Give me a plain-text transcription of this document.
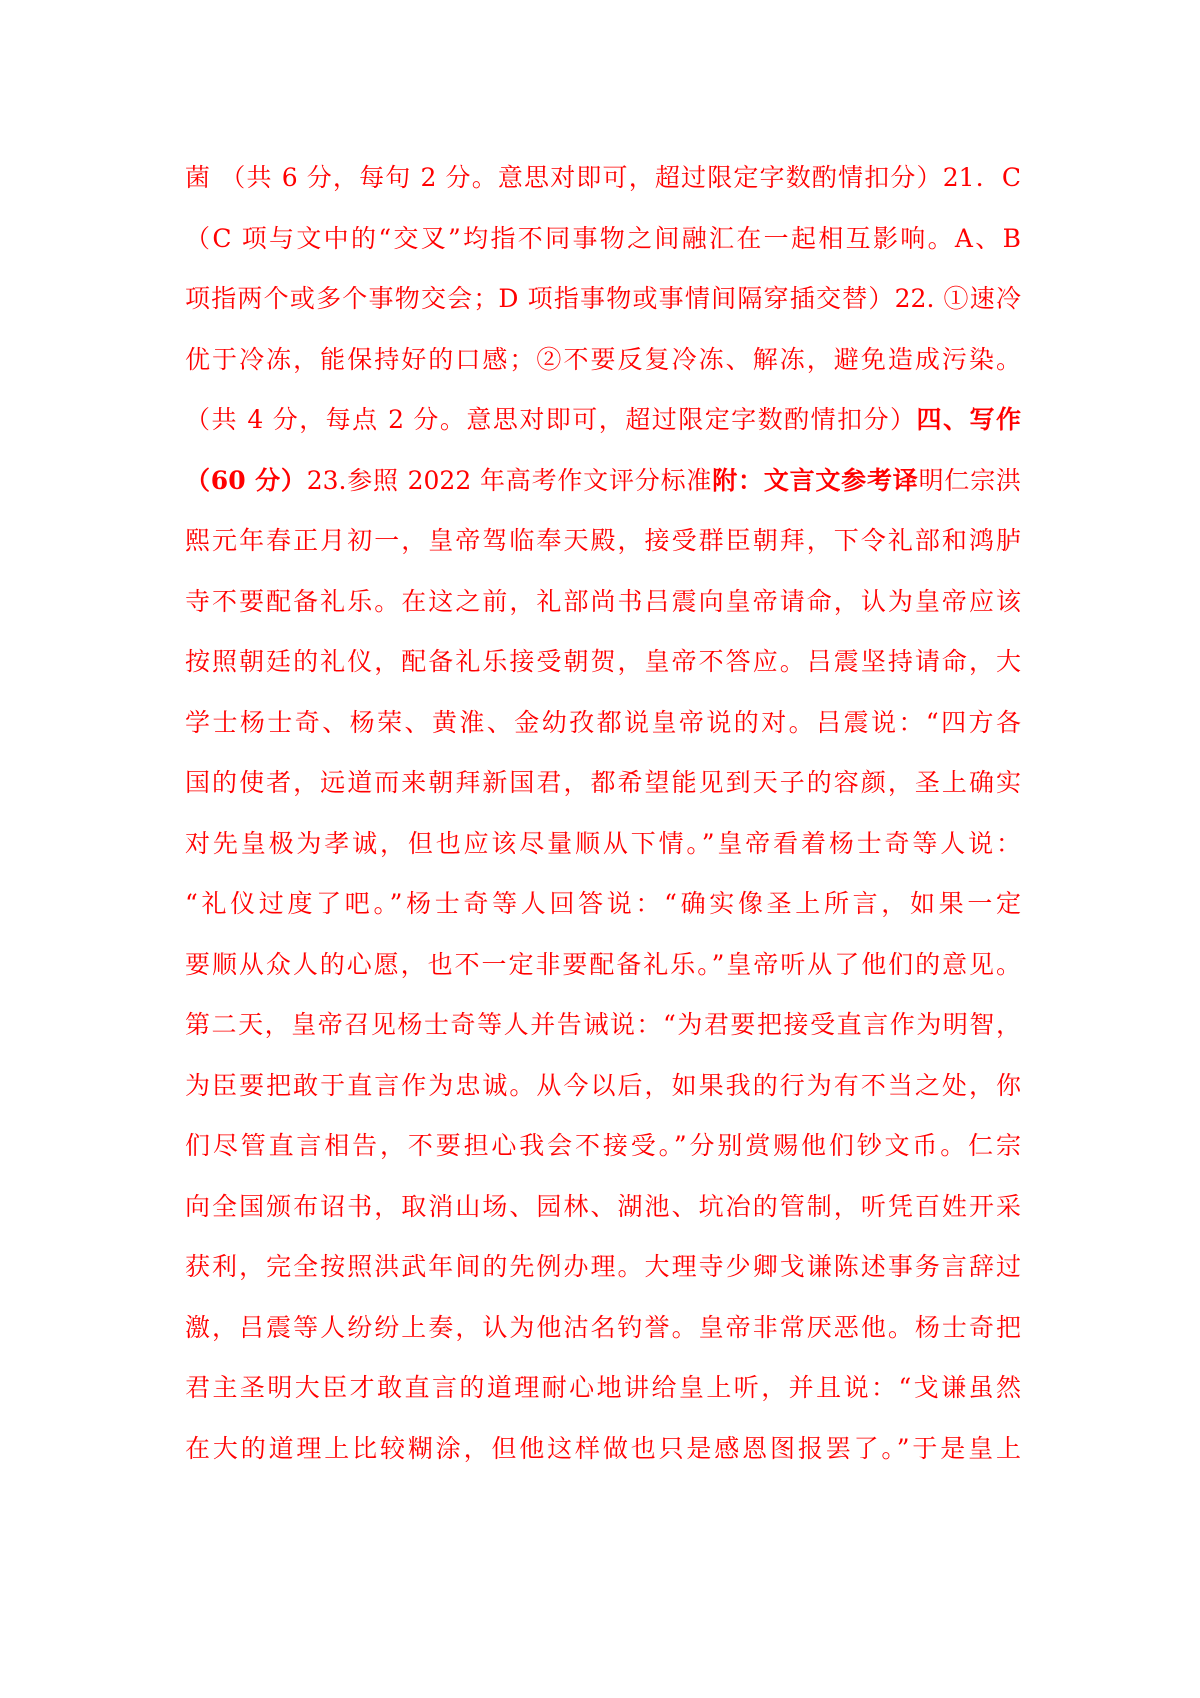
菌 （共 6 分，每句 2 分。意思对即可，超过限定字数酌情扣分）21．C
（C 项与文中的“交叉”均指不同事物之间融汇在一起相互影响。A、B
项指两个或多个事物交会；D 项指事物或事情间隔穿插交替）22. ①速冷
优于冷冻，能保持好的口感；②不要反复冷冻、解冻，避免造成污染。
（共 4 分，每点 2 分。意思对即可，超过限定字数酌情扣分）四、写作
（60 分）23.参照 2022 年高考作文评分标准附：文言文参考译明仁宗洪
熙元年春正月初一，皇帝驾临奉天殿，接受群臣朝拜，下令礼部和鸿胪
寺不要配备礼乐。在这之前，礼部尚书吕震向皇帝请命，认为皇帝应该
按照朝廷的礼仪，配备礼乐接受朝贺，皇帝不答应。吕震坚持请命，大
学士杨士奇、杨荣、黄淮、金幼孜都说皇帝说的对。吕震说：“四方各
国的使者，远道而来朝拜新国君，都希望能见到天子的容颜，圣上确实
对先皇极为孝诚，但也应该尽量顺从下情。”皇帝看着杨士奇等人说：
“礼仪过度了吧。”杨士奇等人回答说：“确实像圣上所言，如果一定
要顺从众人的心愿，也不一定非要配备礼乐。”皇帝听从了他们的意见。
第二天，皇帝召见杨士奇等人并告诫说：“为君要把接受直言作为明智，
为臣要把敢于直言作为忠诚。从今以后，如果我的行为有不当之处，你
们尽管直言相告，不要担心我会不接受。”分别赏赐他们钞文币。仁宗
向全国颁布诏书，取消山场、园林、湖池、坑冶的管制，听凭百姓开采
获利，完全按照洪武年间的先例办理。大理寺少卿戈谦陈述事务言辞过
激，吕震等人纷纷上奏，认为他沽名钓誉。皇帝非常厌恶他。杨士奇把
君主圣明大臣才敢直言的道理耐心地讲给皇上听，并且说：“戈谦虽然
在大的道理上比较糊涂，但他这样做也只是感恩图报罢了。”于是皇上
